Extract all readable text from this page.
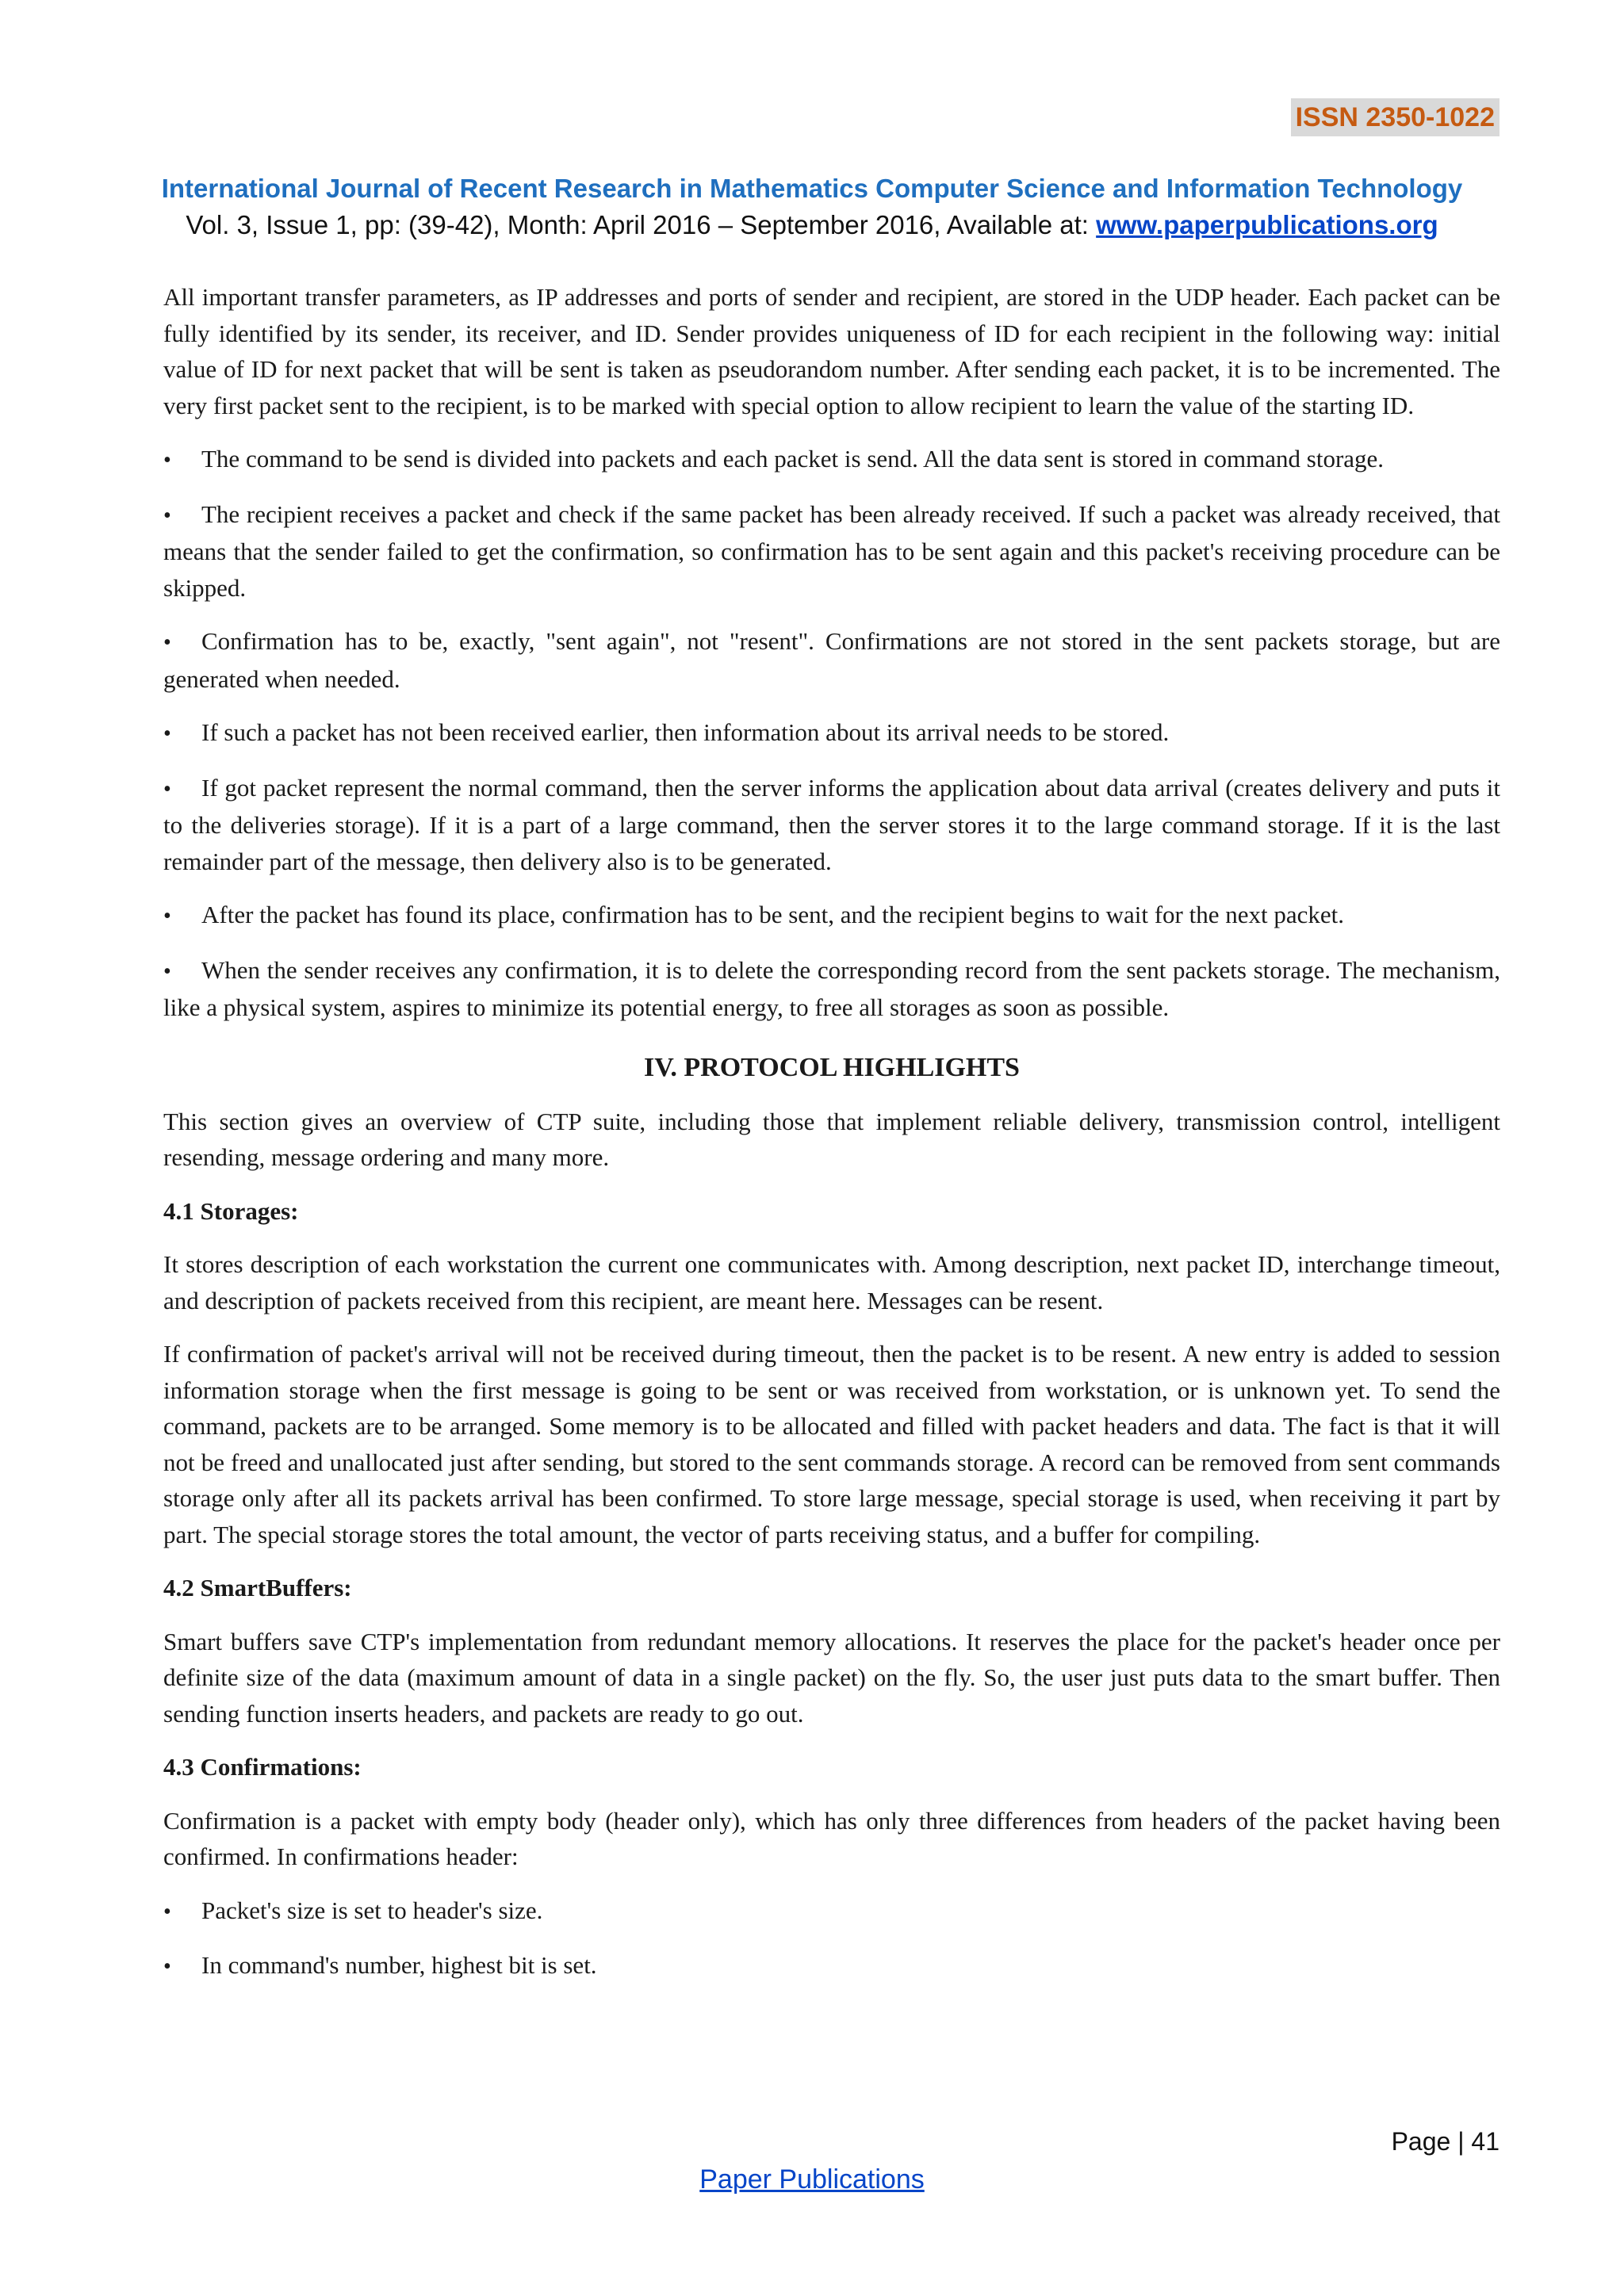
ISSN 2350-1022
International Journal of Recent Research in Mathematics Computer Science and Information Technology
Vol. 3, Issue 1, pp: (39-42), Month: April 2016 – September 2016, Available at: www.paperpublications.org

All important transfer parameters, as IP addresses and ports of sender and recipient, are stored in the UDP header. Each packet can be fully identified by its sender, its receiver, and ID. Sender provides uniqueness of ID for each recipient in the following way: initial value of ID for next packet that will be sent is taken as pseudorandom number. After sending each packet, it is to be incremented. The very first packet sent to the recipient, is to be marked with special option to allow recipient to learn the value of the starting ID.

• The command to be send is divided into packets and each packet is send. All the data sent is stored in command storage.

• The recipient receives a packet and check if the same packet has been already received. If such a packet was already received, that means that the sender failed to get the confirmation, so confirmation has to be sent again and this packet's receiving procedure can be skipped.

• Confirmation has to be, exactly, "sent again", not "resent". Confirmations are not stored in the sent packets storage, but are generated when needed.

• If such a packet has not been received earlier, then information about its arrival needs to be stored.

• If got packet represent the normal command, then the server informs the application about data arrival (creates delivery and puts it to the deliveries storage). If it is a part of a large command, then the server stores it to the large command storage. If it is the last remainder part of the message, then delivery also is to be generated.

• After the packet has found its place, confirmation has to be sent, and the recipient begins to wait for the next packet.

• When the sender receives any confirmation, it is to delete the corresponding record from the sent packets storage. The mechanism, like a physical system, aspires to minimize its potential energy, to free all storages as soon as possible.

IV. PROTOCOL HIGHLIGHTS

This section gives an overview of CTP suite, including those that implement reliable delivery, transmission control, intelligent resending, message ordering and many more.

4.1 Storages:

It stores description of each workstation the current one communicates with. Among description, next packet ID, interchange timeout, and description of packets received from this recipient, are meant here. Messages can be resent.

If confirmation of packet's arrival will not be received during timeout, then the packet is to be resent. A new entry is added to session information storage when the first message is going to be sent or was received from workstation, or is unknown yet. To send the command, packets are to be arranged. Some memory is to be allocated and filled with packet headers and data. The fact is that it will not be freed and unallocated just after sending, but stored to the sent commands storage. A record can be removed from sent commands storage only after all its packets arrival has been confirmed. To store large message, special storage is used, when receiving it part by part. The special storage stores the total amount, the vector of parts receiving status, and a buffer for compiling.

4.2 SmartBuffers:

Smart buffers save CTP's implementation from redundant memory allocations. It reserves the place for the packet's header once per definite size of the data (maximum amount of data in a single packet) on the fly. So, the user just puts data to the smart buffer. Then sending function inserts headers, and packets are ready to go out.

4.3 Confirmations:

Confirmation is a packet with empty body (header only), which has only three differences from headers of the packet having been confirmed. In confirmations header:

• Packet's size is set to header's size.

• In command's number, highest bit is set.

Page | 41
Paper Publications
